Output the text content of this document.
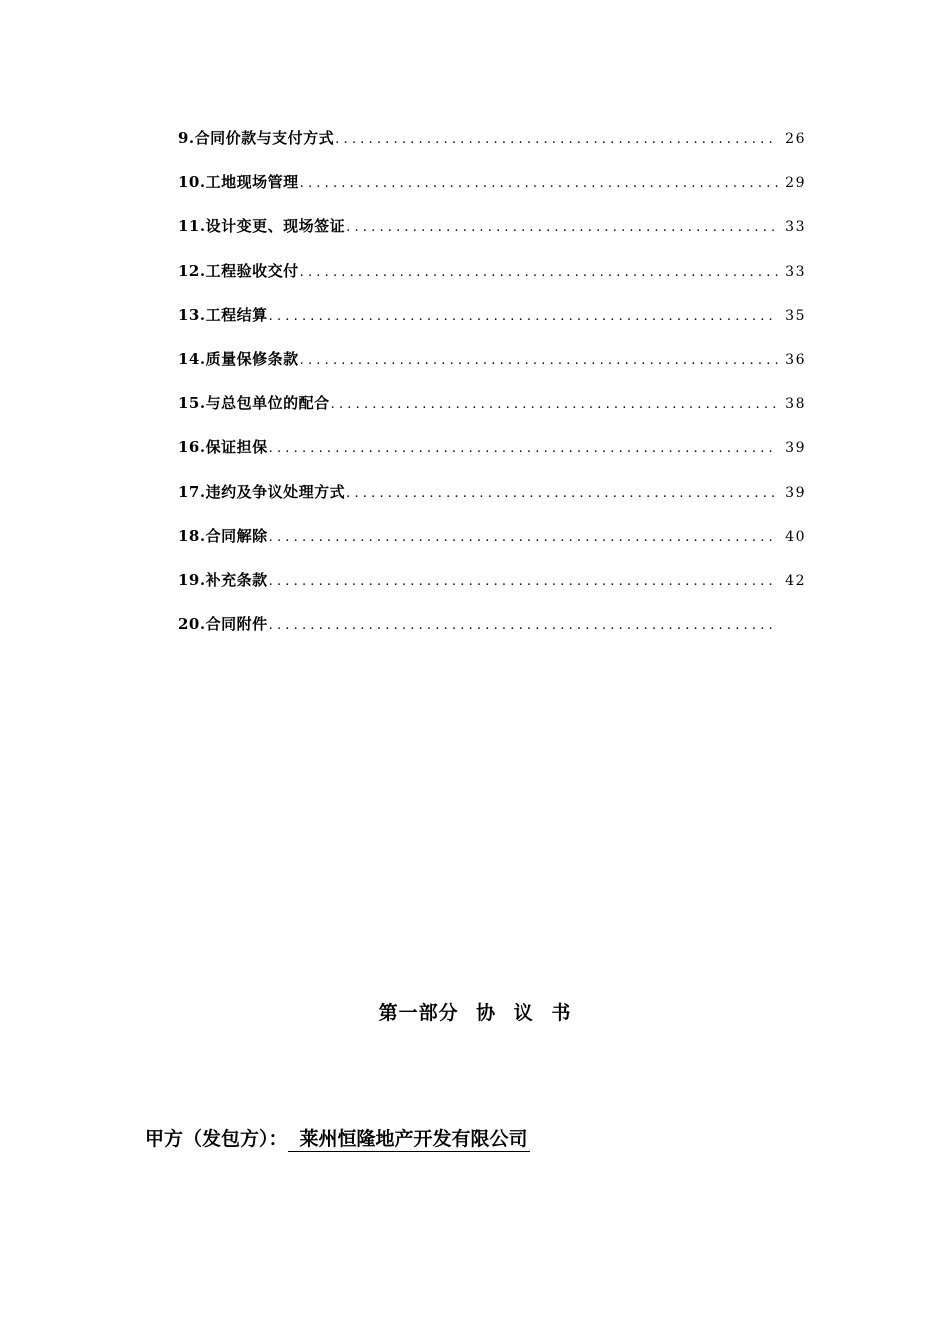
9.合同价款与支付方式 .....	26
10.工地现场管理 .....	29
11.设计变更、现场签证 .....	33
12.工程验收交付 .....	33
13.工程结算 .....	35
14.质量保修条款 .....	36
15.与总包单位的配合 .....	38
16.保证担保 .....	39
17.违约及争议处理方式 .....	39
18.合同解除 .....	40
19.补充条款 .....	42
20.合同附件
.....
第一部分 协 议 书
甲方（发包方）： 莱州恒隆地产开发有限公司
